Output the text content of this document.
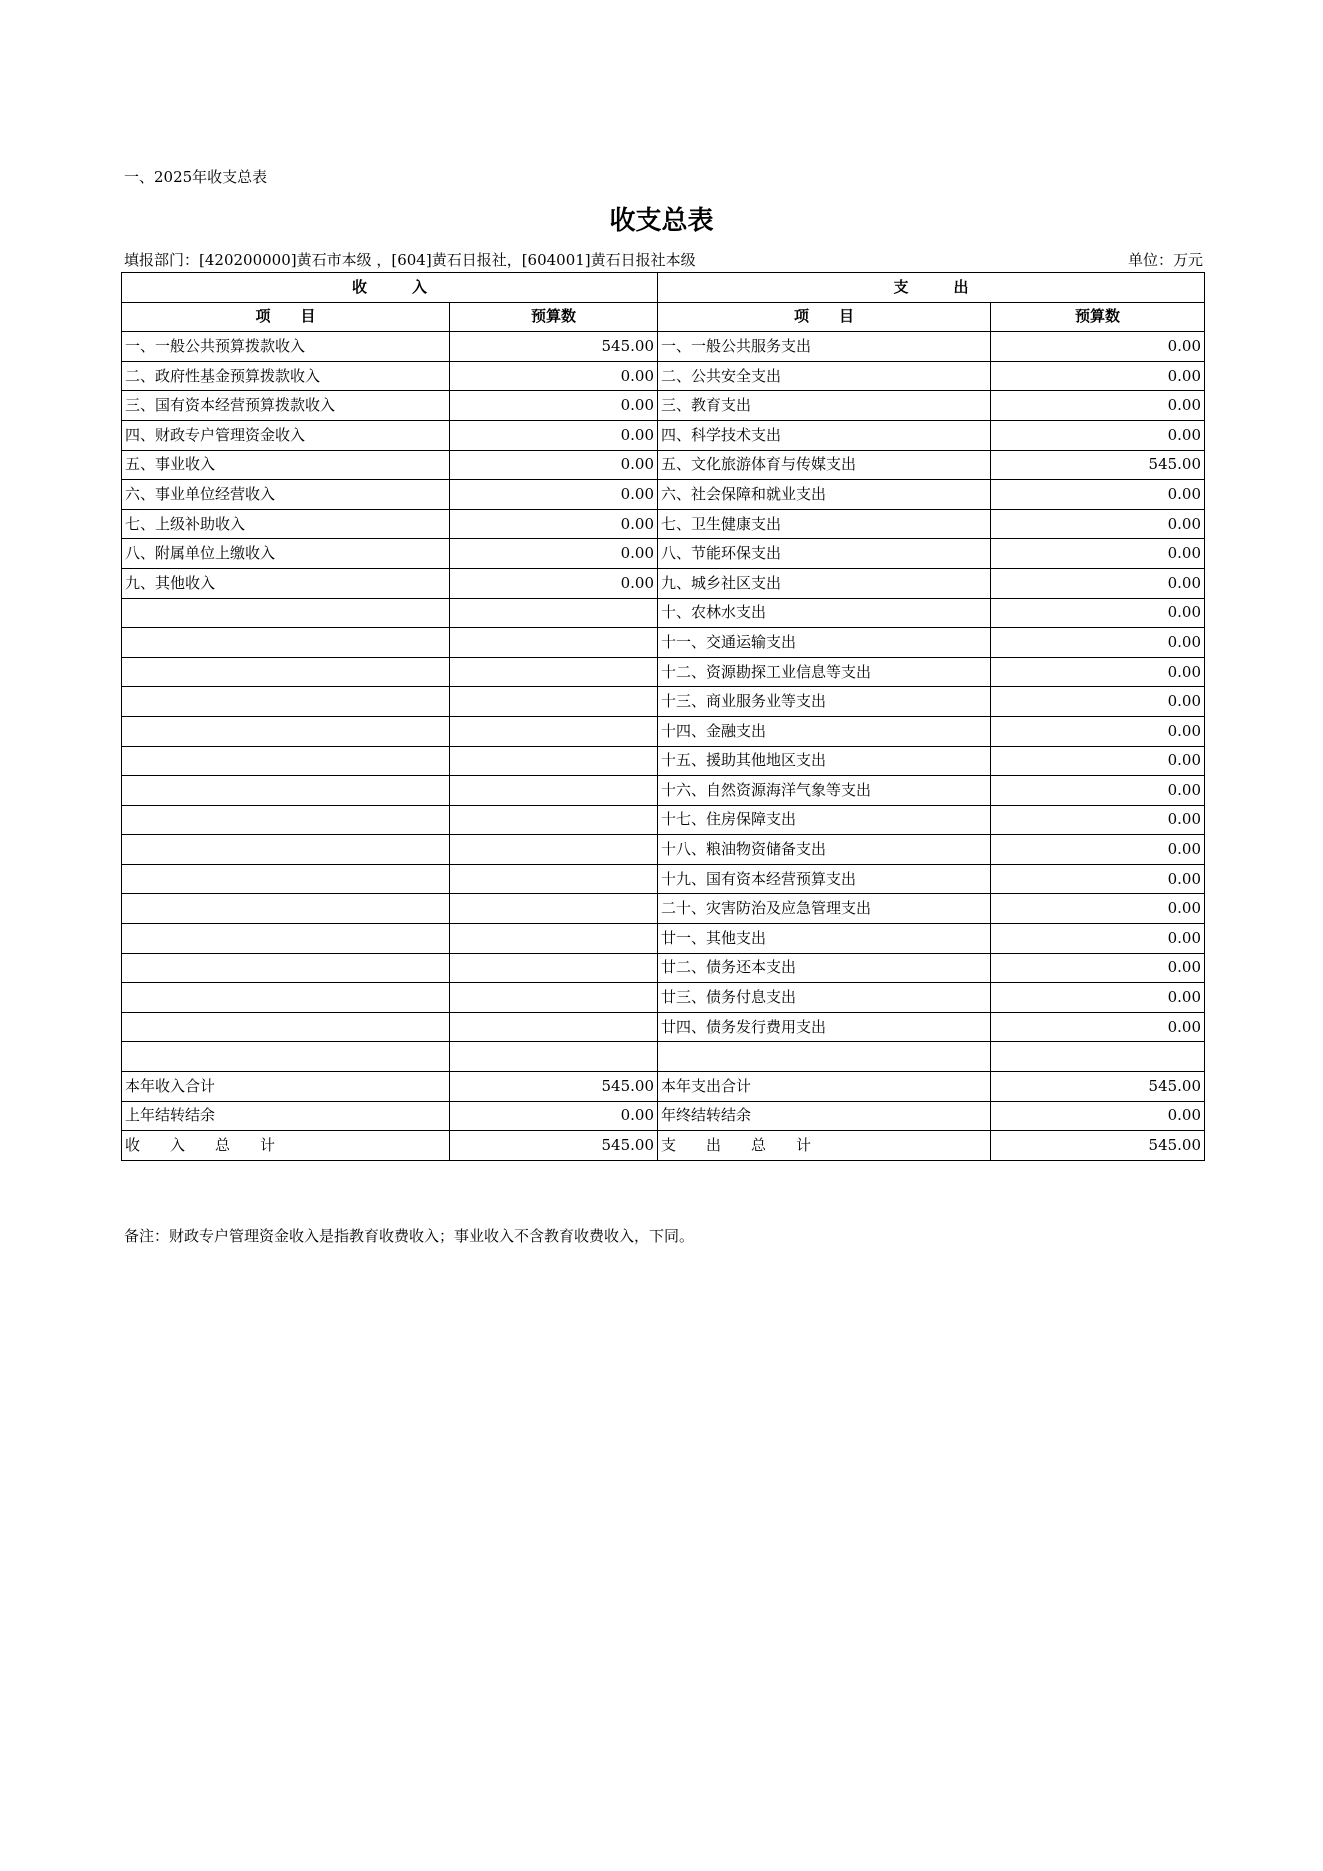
一、2025年收支总表
收支总表
填报部门：[420200000]黄石市本级 ，[604]黄石日报社，[604001]黄石日报社本级	单位：万元
收　　　入		支　　　出	
项　　目	预算数	项　　目	预算数
一、一般公共预算拨款收入	545.00	一、一般公共服务支出	0.00
二、政府性基金预算拨款收入	0.00	二、公共安全支出	0.00
三、国有资本经营预算拨款收入	0.00	三、教育支出	0.00
四、财政专户管理资金收入	0.00	四、科学技术支出	0.00
五、事业收入	0.00	五、文化旅游体育与传媒支出	545.00
六、事业单位经营收入	0.00	六、社会保障和就业支出	0.00
七、上级补助收入	0.00	七、卫生健康支出	0.00
八、附属单位上缴收入	0.00	八、节能环保支出	0.00
九、其他收入	0.00	九、城乡社区支出	0.00
		十、农林水支出	0.00
		十一、交通运输支出	0.00
		十二、资源勘探工业信息等支出	0.00
		十三、商业服务业等支出	0.00
		十四、金融支出	0.00
		十五、援助其他地区支出	0.00
		十六、自然资源海洋气象等支出	0.00
		十七、住房保障支出	0.00
		十八、粮油物资储备支出	0.00
		十九、国有资本经营预算支出	0.00
		二十、灾害防治及应急管理支出	0.00
		廿一、其他支出	0.00
		廿二、债务还本支出	0.00
		廿三、债务付息支出	0.00
		廿四、债务发行费用支出	0.00

本年收入合计	545.00	本年支出合计	545.00
上年结转结余	0.00	年终结转结余	0.00
收　　入　　总　　计	545.00	支　　出　　总　　计	545.00
备注：财政专户管理资金收入是指教育收费收入；事业收入不含教育收费收入，下同。
